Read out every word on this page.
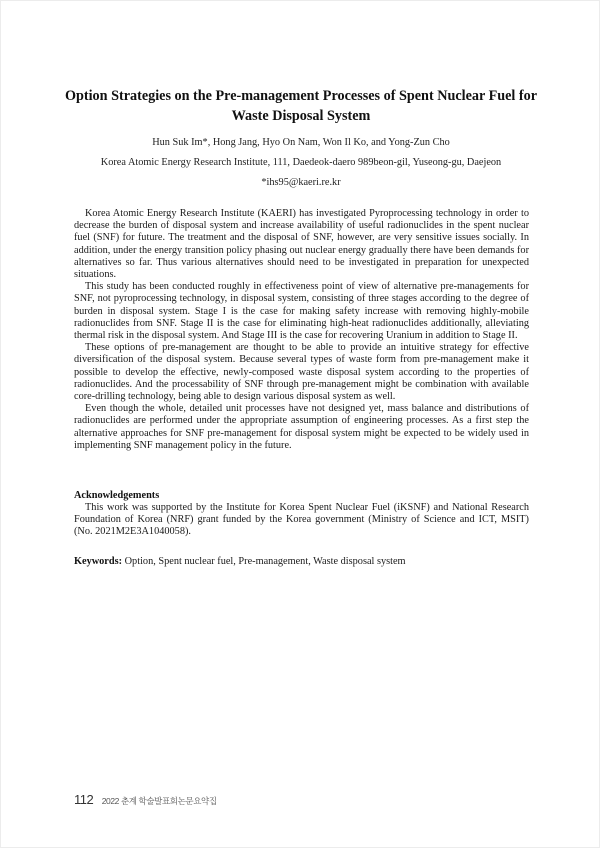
Option Strategies on the Pre-management Processes of Spent Nuclear Fuel for Waste Disposal System
Hun Suk Im*, Hong Jang, Hyo On Nam, Won Il Ko, and Yong-Zun Cho
Korea Atomic Energy Research Institute, 111, Daedeok-daero 989beon-gil, Yuseong-gu, Daejeon
*ihs95@kaeri.re.kr

Korea Atomic Energy Research Institute (KAERI) has investigated Pyroprocessing technology in order to decrease the burden of disposal system and increase availability of useful radionuclides in the spent nuclear fuel (SNF) for future. The treatment and the disposal of SNF, however, are very sensitive issues socially. In addition, under the energy transition policy phasing out nuclear energy gradually there have been demands for alternatives so far. Thus various alternatives should need to be investigated in preparation for unexpected situations.

This study has been conducted roughly in effectiveness point of view of alternative pre-managements for SNF, not pyroprocessing technology, in disposal system, consisting of three stages according to the degree of burden in disposal system. Stage I is the case for making safety increase with removing highly-mobile radionuclides from SNF. Stage II is the case for eliminating high-heat radionuclides additionally, alleviating thermal risk in the disposal system. And Stage III is the case for recovering Uranium in addition to Stage II.

These options of pre-management are thought to be able to provide an intuitive strategy for effective diversification of the disposal system. Because several types of waste form from pre-management make it possible to develop the effective, newly-composed waste disposal system according to the properties of radionuclides. And the processability of SNF through pre-management might be combination with available core-drilling technology, being able to design various disposal system as well.

Even though the whole, detailed unit processes have not designed yet, mass balance and distributions of radionuclides are performed under the appropriate assumption of engineering processes. As a first step the alternative approaches for SNF pre-management for disposal system might be expected to be widely used in implementing SNF management policy in the future.

Acknowledgements

This work was supported by the Institute for Korea Spent Nuclear Fuel (iKSNF) and National Research Foundation of Korea (NRF) grant funded by the Korea government (Ministry of Science and ICT, MSIT) (No. 2021M2E3A1040058).

Keywords: Option, Spent nuclear fuel, Pre-management, Waste disposal system
112 2022 춘계 학술발표회논문요약집
